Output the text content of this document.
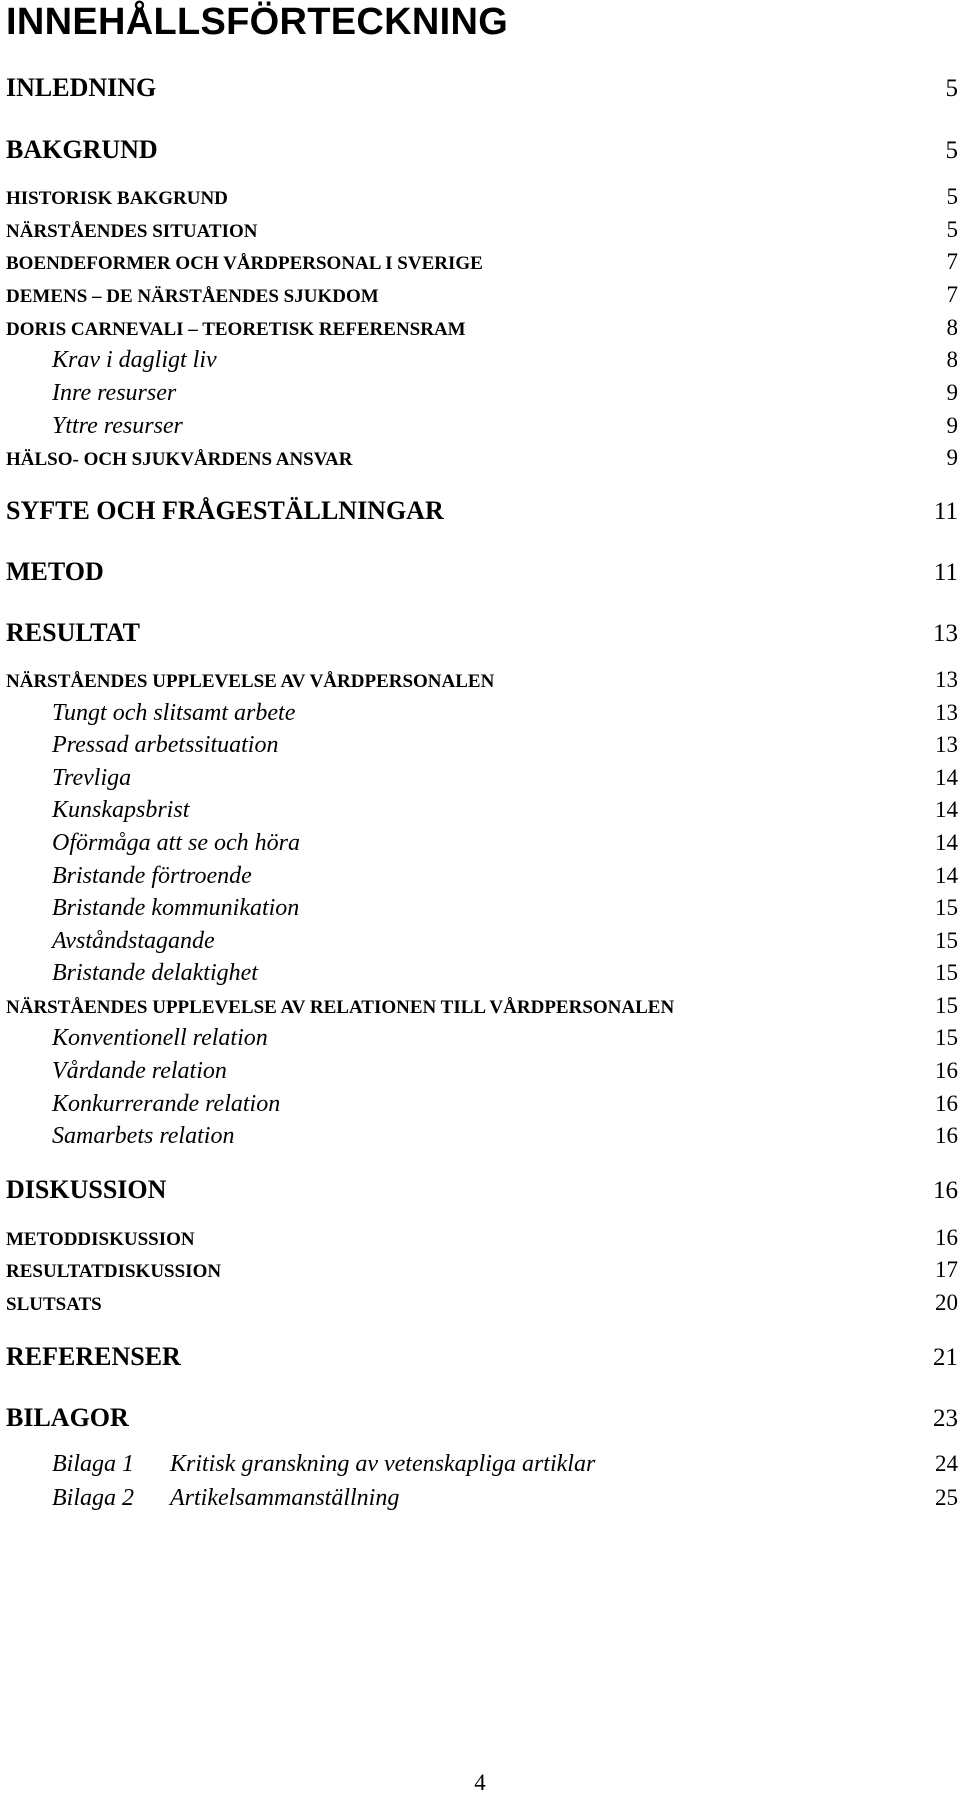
INNEHÅLLSFÖRTECKNING
INLEDNING	5
BAKGRUND	5
HISTORISK BAKGRUND	5
NÄRSTÅENDES SITUATION	5
BOENDEFORMER OCH VÅRDPERSONAL I SVERIGE	7
DEMENS – DE NÄRSTÅENDES SJUKDOM	7
DORIS CARNEVALI – TEORETISK REFERENSRAM	8
Krav i dagligt liv	8
Inre resurser	9
Yttre resurser	9
HÄLSO- OCH SJUKVÅRDENS ANSVAR	9
SYFTE OCH FRÅGESTÄLLNINGAR	11
METOD	11
RESULTAT	13
NÄRSTÅENDES UPPLEVELSE AV VÅRDPERSONALEN	13
Tungt och slitsamt arbete	13
Pressad arbetssituation	13
Trevliga	14
Kunskapsbrist	14
Oförmåga att se och höra	14
Bristande förtroende	14
Bristande kommunikation	15
Avståndstagande	15
Bristande delaktighet	15
NÄRSTÅENDES UPPLEVELSE AV RELATIONEN TILL VÅRDPERSONALEN	15
Konventionell relation	15
Vårdande relation	16
Konkurrerande relation	16
Samarbets relation	16
DISKUSSION	16
METODDISKUSSION	16
RESULTATDISKUSSION	17
SLUTSATS	20
REFERENSER	21
BILAGOR	23
Bilaga 1 Kritisk granskning av vetenskapliga artiklar	24
Bilaga 2 Artikelsammanställning	25
4
